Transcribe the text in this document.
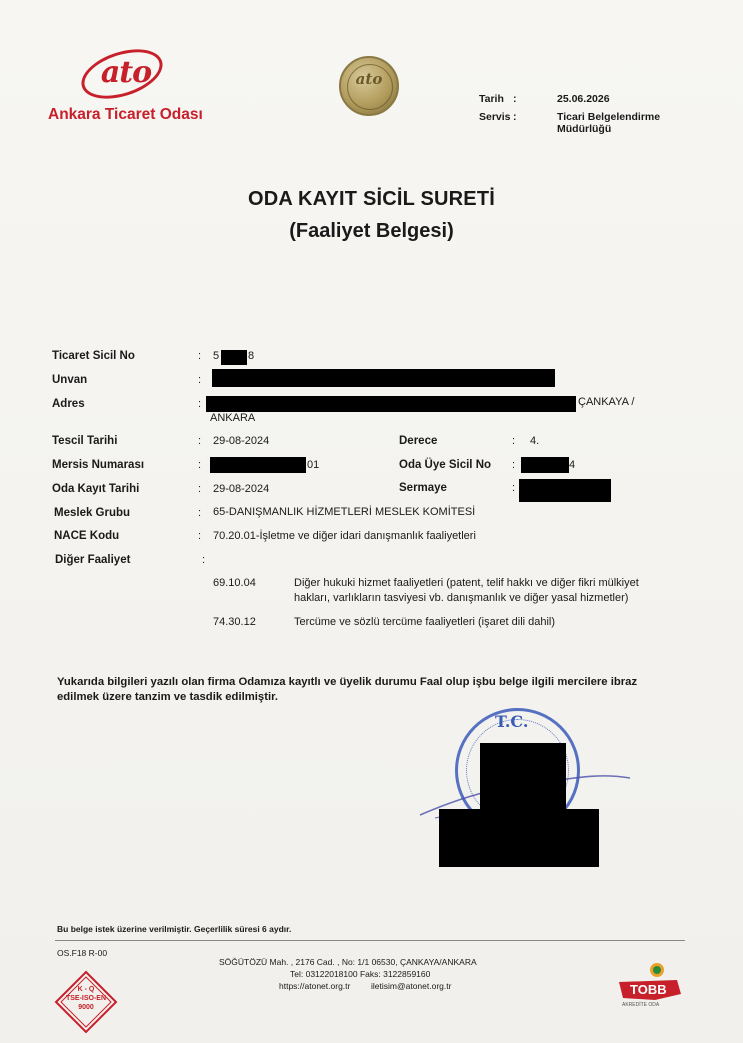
ato
Ankara Ticaret Odası
ato
Tarih :	25.06.2026
Servis :	Ticari Belgelendirme
Müdürlüğü
ODA KAYIT SİCİL SURETİ
(Faaliyet Belgesi)
Ticaret Sicil No	: 5	8
Unvan	:
Adres	:	ÇANKAYA /
ANKARA
Tescil Tarihi	: 29-08-2024	Derece	: 4.
Mersis Numarası	:	01	Oda Üye Sicil No :	4
Oda Kayıt Tarihi	: 29-08-2024	Sermaye	:
Meslek Grubu	: 65-DANIŞMANLIK HİZMETLERİ MESLEK KOMİTESİ
NACE Kodu	: 70.20.01-İşletme ve diğer idari danışmanlık faaliyetleri
Diğer Faaliyet	:
69.10.04	Diğer hukuki hizmet faaliyetleri (patent, telif hakkı ve diğer fikri mülkiyet
hakları, varlıkların tasviyesi vb. danışmanlık ve diğer yasal hizmetler)
74.30.12	Tercüme ve sözlü tercüme faaliyetleri (işaret dili dahil)
Yukarıda bilgileri yazılı olan firma Odamıza kayıtlı ve üyelik durumu Faal olup işbu belge ilgili mercilere ibraz
edilmek üzere tanzim ve tasdik edilmiştir.
T.C.
Bu belge istek üzerine verilmiştir. Geçerlilik süresi 6 aydır.
OS.F18 R-00
SÖĞÜTÖZÜ Mah. , 2176 Cad. , No: 1/1 06530, ÇANKAYA/ANKARA
Tel: 03122018100 Faks: 3122859160
https://atonet.org.tr iletisim@atonet.org.tr
K - Q
TSE-ISO-EN
9000
TOBB
AKREDİTE ODA
